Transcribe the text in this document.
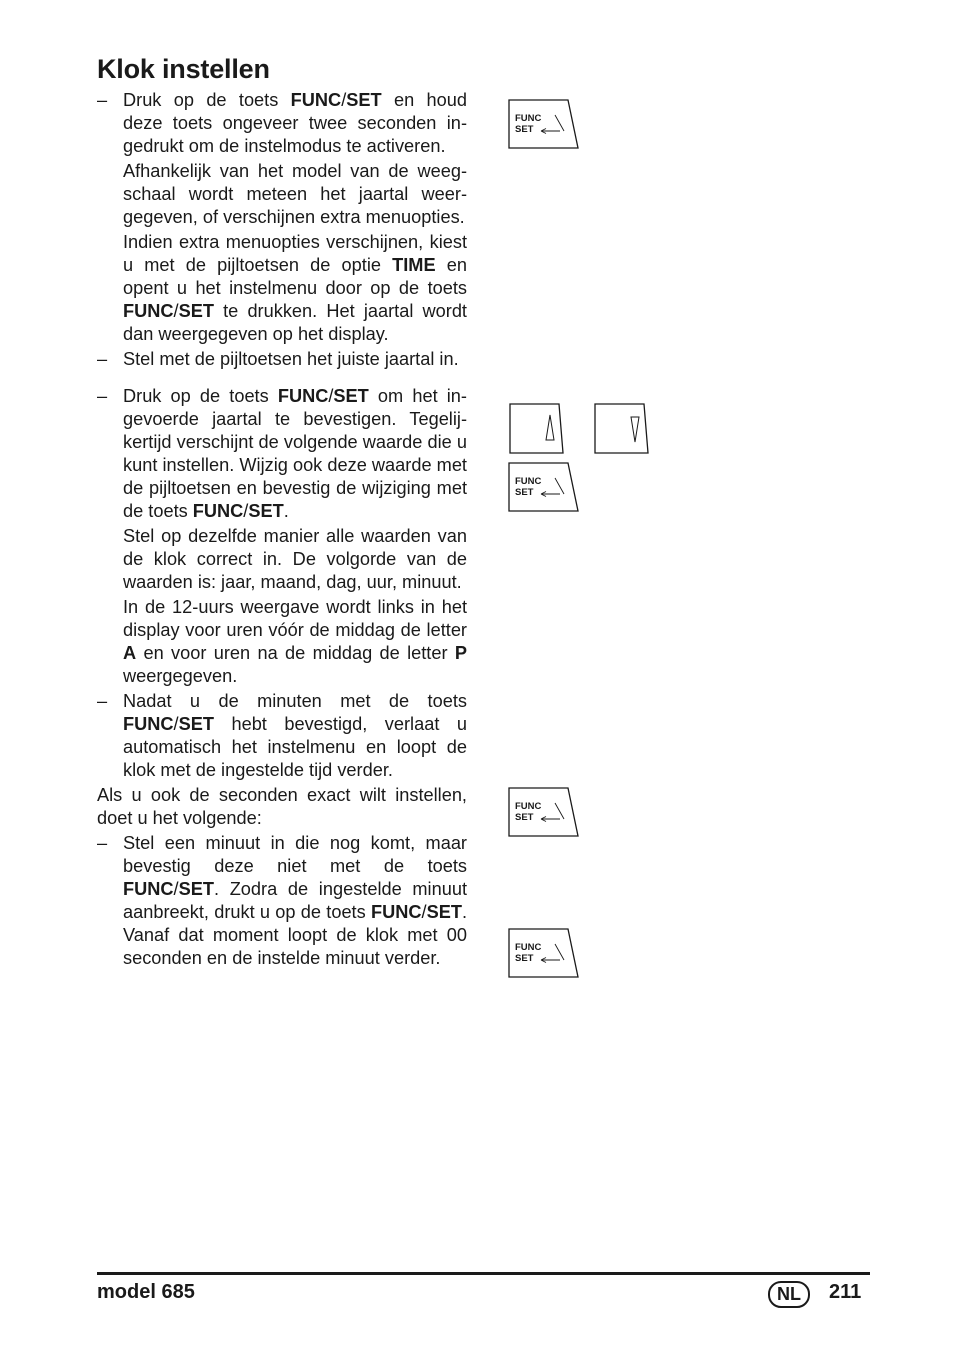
Klok instellen

– Druk op de toets FUNC/SET en houd deze toets ongeveer twee seconden ingedrukt om de instelmodus te activeren.

Afhankelijk van het model van de weegschaal wordt meteen het jaartal weergegeven, of verschijnen extra menuopties.

Indien extra menuopties verschijnen, kiest u met de pijltoetsen de optie TIME en opent u het instelmenu door op de toets FUNC/SET te drukken. Het jaartal wordt dan weergegeven op het display.

– Stel met de pijltoetsen het juiste jaartal in.

– Druk op de toets FUNC/SET om het ingevoerde jaartal te bevestigen. Tegelijkertijd verschijnt de volgende waarde die u kunt instellen. Wijzig ook deze waarde met de pijltoetsen en bevestig de wijziging met de toets FUNC/SET.

Stel op dezelfde manier alle waarden van de klok correct in. De volgorde van de waarden is: jaar, maand, dag, uur, minuut.

In de 12-uurs weergave wordt links in het display voor uren vóór de middag de letter A en voor uren na de middag de letter P weergegeven.

– Nadat u de minuten met de toets FUNC/SET hebt bevestigd, verlaat u automatisch het instelmenu en loopt de klok met de ingestelde tijd verder.

Als u ook de seconden exact wilt instellen, doet u het volgende:

– Stel een minuut in die nog komt, maar bevestig deze niet met de toets FUNC/SET. Zodra de ingestelde minuut aanbreekt, drukt u op de toets FUNC/SET. Vanaf dat moment loopt de klok met 00 seconden en de instelde minuut verder.

FUNC
SET
FUNC
SET
FUNC
SET
FUNC
SET
model 685	NL	211
